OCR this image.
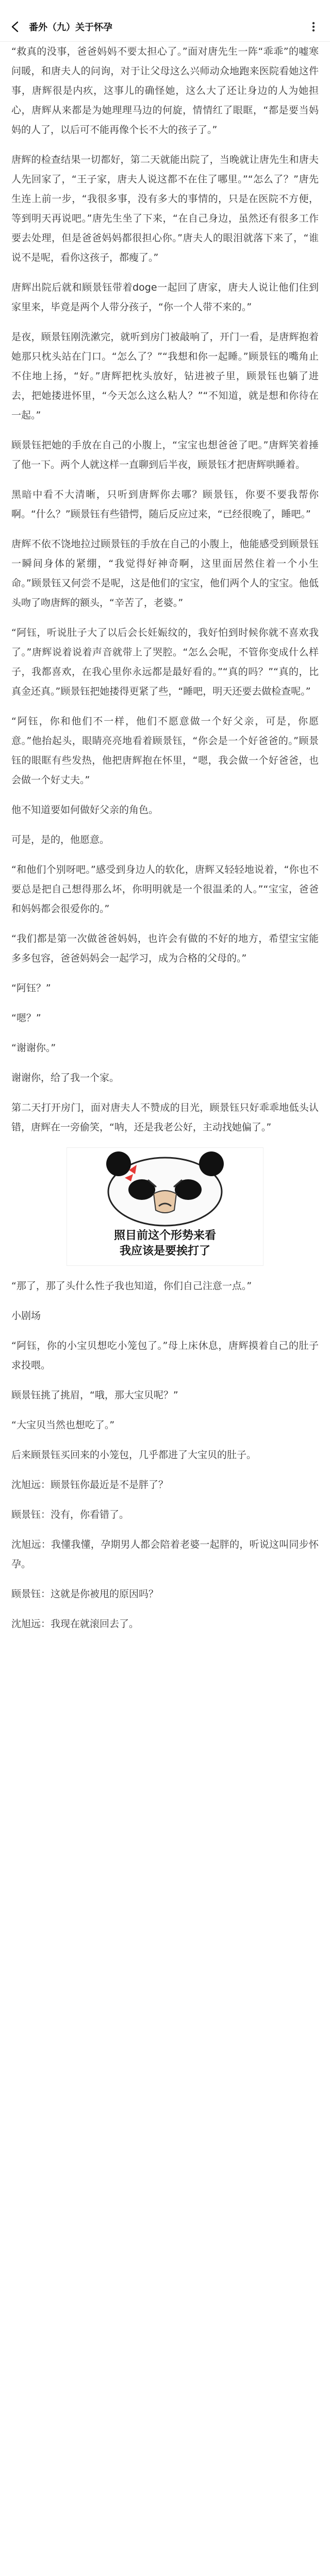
番外（九）关于怀孕

“救真的没事，爸爸妈妈不要太担心了。”面对唐先生一阵“乖乖”的嘘寒问暖，和唐夫人的问询，对于让父母这么兴师动众地跑来医院看她这件事，唐辉很是内疚，这事儿的确怪她，这么大了还让身边的人为她担心，唐辉从来都是为她理理马边的何旋，情情红了眼眶，“都是要当妈妈的人了，以后可不能再像个长不大的孩子了。”

唐辉的检查结果一切都好，第二天就能出院了，当晚就让唐先生和唐夫人先回家了，“王子家，唐夫人说这都不在住了哪里。”“怎么了？”唐先生连上前一步，“我很多事，没有多大的事情的，只是在医院不方便，等到明天再说吧。”唐先生坐了下来，“在自己身边，虽然还有很多工作要去处理，但是爸爸妈妈都很担心你。”唐夫人的眼泪就落下来了，“谁说不是呢，看你这孩子，都瘦了。”

唐辉出院后就和顾景钰带着doge一起回了唐家，唐夫人说让他们住到家里来，毕竟是两个人带分孩子，“你一个人带不来的。”

是夜，顾景钰刚洗漱完，就听到房门被敲响了，开门一看，是唐辉抱着她那只枕头站在门口。“怎么了？”“我想和你一起睡。”顾景钰的嘴角止不住地上扬，“好。”唐辉把枕头放好，钻进被子里，顾景钰也躺了进去，把她搂进怀里，“今天怎么这么粘人？”“不知道，就是想和你待在一起。”

顾景钰把她的手放在自己的小腹上，“宝宝也想爸爸了吧。”唐辉笑着捶了他一下。两个人就这样一直聊到后半夜，顾景钰才把唐辉哄睡着。

黑暗中看不大清晰，只听到唐辉你去哪？顾景钰，你要不要我帮你啊。“什么？”顾景钰有些错愕，随后反应过来，“已经很晚了，睡吧。”

唐辉不依不饶地拉过顾景钰的手放在自己的小腹上，他能感受到顾景钰一瞬间身体的紧绷，“我觉得好神奇啊，这里面居然住着一个小生命。”顾景钰又何尝不是呢，这是他们的宝宝，他们两个人的宝宝。他低头吻了吻唐辉的额头，“辛苦了，老婆。”

“阿钰，听说肚子大了以后会长妊娠纹的，我好怕到时候你就不喜欢我了。”唐辉说着说着声音就带上了哭腔。“怎么会呢，不管你变成什么样子，我都喜欢，在我心里你永远都是最好看的。”“真的吗？”“真的，比真金还真。”顾景钰把她搂得更紧了些，“睡吧，明天还要去做检查呢。”

“阿钰，你和他们不一样，他们不愿意做一个好父亲，可是，你愿意。”他抬起头，眼睛亮亮地看着顾景钰，“你会是一个好爸爸的。”顾景钰的眼眶有些发热，他把唐辉抱在怀里，“嗯，我会做一个好爸爸，也会做一个好丈夫。”

他不知道要如何做好父亲的角色。

可是，是的，他愿意。

“和他们个别呀吧。”感受到身边人的软化，唐辉又轻轻地说着，“你也不要总是把自己想得那么坏，你明明就是一个很温柔的人。”“宝宝，爸爸和妈妈都会很爱你的。”

“我们都是第一次做爸爸妈妈，也许会有做的不好的地方，希望宝宝能多多包容，爸爸妈妈会一起学习，成为合格的父母的。”

“阿钰？”

“嗯？”

“谢谢你。”

谢谢你，给了我一个家。

第二天打开房门，面对唐夫人不赞成的目光，顾景钰只好乖乖地低头认错，唐辉在一旁偷笑，“呐，还是我老公好，主动找她偏了。”

照目前这个形势来看
我应该是要挨打了

“那了，那了头什么性子我也知道，你们自己注意一点。”

小剧场

“阿钰，你的小宝贝想吃小笼包了。”母上床休息，唐辉摸着自己的肚子求投喂。

顾景钰挑了挑眉，“哦，那大宝贝呢？”

“大宝贝当然也想吃了。”

后来顾景钰买回来的小笼包，几乎都进了大宝贝的肚子。

沈旭远：顾景钰你最近是不是胖了？

顾景钰：没有，你看错了。

沈旭远：我懂我懂，孕期男人都会陪着老婆一起胖的，听说这叫同步怀孕。

顾景钰：这就是你被甩的原因吗？

沈旭远：我现在就滚回去了。
